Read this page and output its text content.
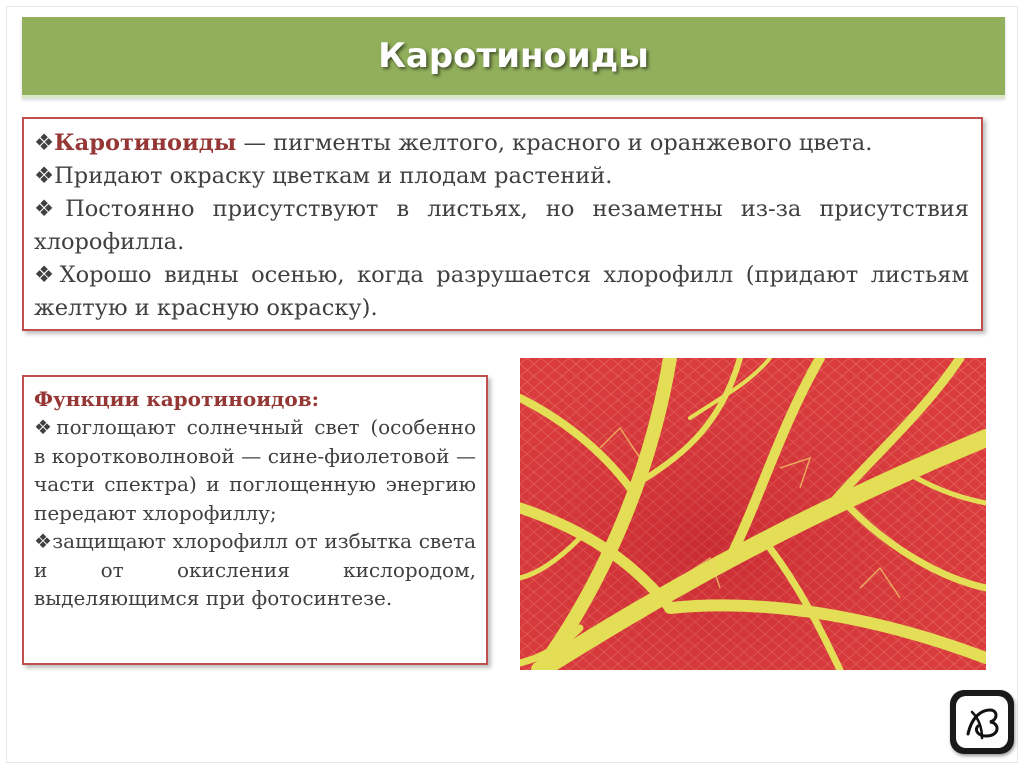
Каротиноиды

❖Каротиноиды — пигменты желтого, красного и оранжевого цвета.

❖Придают окраску цветкам и плодам растений.

❖Постоянно присутствуют в листьях, но незаметны из-за присутствия хлорофилла.

❖Хорошо видны осенью, когда разрушается хлорофилл (придают листьям желтую и красную окраску).

Функции каротиноидов:

❖поглощают солнечный свет (особенно в коротковолновой — сине-фиолетовой — части спектра) и поглощенную энергию передают хлорофиллу;

❖защищают хлорофилл от избытка света и от окисления кислородом, выделяющимся при фотосинтезе.
